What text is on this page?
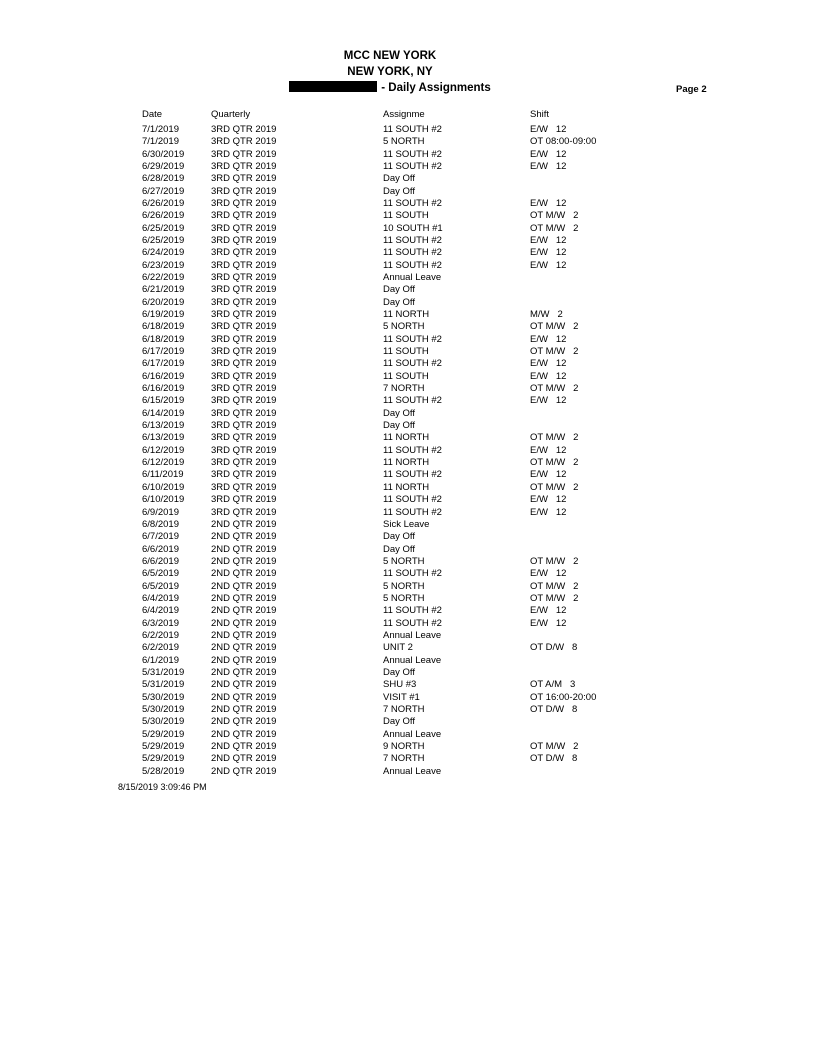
MCC NEW YORK
NEW YORK, NY
- Daily Assignments	Page 2
Date	Quarterly	Assignme	Shift
7/1/2019	3RD QTR 2019	11 SOUTH #2	E/W   12
7/1/2019	3RD QTR 2019	5 NORTH	OT 08:00-09:00
6/30/2019	3RD QTR 2019	11 SOUTH #2	E/W   12
6/29/2019	3RD QTR 2019	11 SOUTH #2	E/W   12
6/28/2019	3RD QTR 2019	Day Off
6/27/2019	3RD QTR 2019	Day Off
6/26/2019	3RD QTR 2019	11 SOUTH #2	E/W   12
6/26/2019	3RD QTR 2019	11 SOUTH	OT M/W   2
6/25/2019	3RD QTR 2019	10 SOUTH #1	OT M/W   2
6/25/2019	3RD QTR 2019	11 SOUTH #2	E/W   12
6/24/2019	3RD QTR 2019	11 SOUTH #2	E/W   12
6/23/2019	3RD QTR 2019	11 SOUTH #2	E/W   12
6/22/2019	3RD QTR 2019	Annual Leave
6/21/2019	3RD QTR 2019	Day Off
6/20/2019	3RD QTR 2019	Day Off
6/19/2019	3RD QTR 2019	11 NORTH	M/W   2
6/18/2019	3RD QTR 2019	5 NORTH	OT M/W   2
6/18/2019	3RD QTR 2019	11 SOUTH #2	E/W   12
6/17/2019	3RD QTR 2019	11 SOUTH	OT M/W   2
6/17/2019	3RD QTR 2019	11 SOUTH #2	E/W   12
6/16/2019	3RD QTR 2019	11 SOUTH	E/W   12
6/16/2019	3RD QTR 2019	7 NORTH	OT M/W   2
6/15/2019	3RD QTR 2019	11 SOUTH #2	E/W   12
6/14/2019	3RD QTR 2019	Day Off
6/13/2019	3RD QTR 2019	Day Off
6/13/2019	3RD QTR 2019	11 NORTH	OT M/W   2
6/12/2019	3RD QTR 2019	11 SOUTH #2	E/W   12
6/12/2019	3RD QTR 2019	11 NORTH	OT M/W   2
6/11/2019	3RD QTR 2019	11 SOUTH #2	E/W   12
6/10/2019	3RD QTR 2019	11 NORTH	OT M/W   2
6/10/2019	3RD QTR 2019	11 SOUTH #2	E/W   12
6/9/2019	3RD QTR 2019	11 SOUTH #2	E/W   12
6/8/2019	2ND QTR 2019	Sick Leave
6/7/2019	2ND QTR 2019	Day Off
6/6/2019	2ND QTR 2019	Day Off
6/6/2019	2ND QTR 2019	5 NORTH	OT M/W   2
6/5/2019	2ND QTR 2019	11 SOUTH #2	E/W   12
6/5/2019	2ND QTR 2019	5 NORTH	OT M/W   2
6/4/2019	2ND QTR 2019	5 NORTH	OT M/W   2
6/4/2019	2ND QTR 2019	11 SOUTH #2	E/W   12
6/3/2019	2ND QTR 2019	11 SOUTH #2	E/W   12
6/2/2019	2ND QTR 2019	Annual Leave
6/2/2019	2ND QTR 2019	UNIT 2	OT D/W   8
6/1/2019	2ND QTR 2019	Annual Leave
5/31/2019	2ND QTR 2019	Day Off
5/31/2019	2ND QTR 2019	SHU #3	OT A/M   3
5/30/2019	2ND QTR 2019	VISIT #1	OT 16:00-20:00
5/30/2019	2ND QTR 2019	7 NORTH	OT D/W   8
5/30/2019	2ND QTR 2019	Day Off
5/29/2019	2ND QTR 2019	Annual Leave
5/29/2019	2ND QTR 2019	9 NORTH	OT M/W   2
5/29/2019	2ND QTR 2019	7 NORTH	OT D/W   8
5/28/2019	2ND QTR 2019	Annual Leave
8/15/2019 3:09:46 PM
